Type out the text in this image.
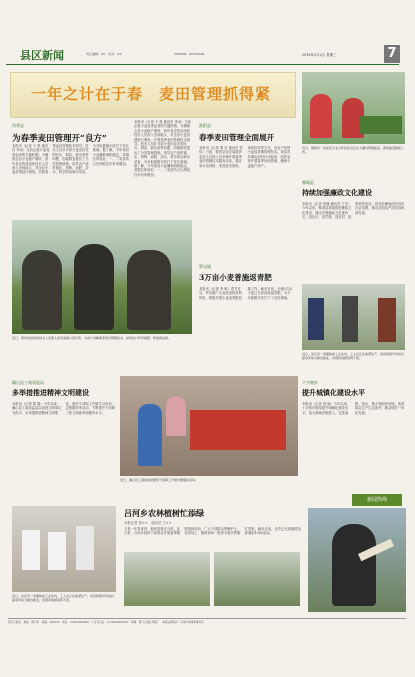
县区新闻	责任编辑：XX　校对：XX	XINWEN · ZHOUKAN	2016年3月2日 星期三	7
一年之计在于春　麦田管理抓得紧
西华县
为春季麦田管理开“良方”
本报讯（记者 于 燕 通讯员 李冰）当前正值小麦返青起身的关键时期，为确保全县小麦稳产增收，西华县农牧局组织技术人员深入田间地头，对全县小麦苗情进行调查，开展春季麦田管理技术指导。技术人员针对部分麦田存在的旺长、弱苗、病虫害等问题，因地制宜提出了分类管理措施，指导农户适时镇压、划锋、追肥、浇水，科学防治病虫草害，为夺取夏粮丰收打下坚实基础。据了解，今年该县小麦播种面积稳定，苗情总体较好，一、二类苗所占比例较往年有所增加。
本报讯（记者 于 燕 通讯员 李冰）当前正值小麦返青起身的关键时期，为确保全县小麦稳产增收，西华县农牧局组织技术人员深入田间地头，对全县小麦苗情进行调查，开展春季麦田管理技术指导。技术人员针对部分麦田存在的旺长、弱苗、病虫害等问题，因地制宜提出了分类管理措施，指导农户适时镇压、划锋、追肥、浇水，科学防治病虫草害，为夺取夏粮丰收打下坚实基础。据了解，今年该县小麦播种面积稳定，苗情总体较好，一、二类苗所占比例较往年有所增加。
近日，西华县农牧局技术人员深入麦田查看小麦长势，为农户讲解春季麦田管理技术，指导农户科学施肥、防治病虫害。
淮阳县
春季麦田管理全面展开
本报讯（记者 秦 亮 通讯员 张伟）日前，淮阳县农业局组织农技人员深入各乡镇开展春季麦田管理技术服务活动，通过举办培训班、发放技术资料、现场指导等方式，向农户传授小麦返青期管理技术。该县各乡镇也纷纷行动起来，组织农民开展春季田间管理，确保小麦稳产高产。
罗店镇
3万亩小麦普施返青肥
本报讯（记者 李 明）春节过后，罗店镇广大农民抢抓有利时机，积极开展小麦返青肥追施工作。截至目前，全镇3万亩小麦已全部追施返青肥，为今年夏粮丰收打下了良好基础。
近日，淮阳县一家农民专业合作社社员正在大棚内管理蔬菜，春季蔬菜陆续上市。
郸城县
持续加强廉政文化建设
本报讯（记者 张楠 通讯员 王芳）今年以来，郸城县持续推进廉政文化建设，通过开展廉政文化进机关、进社区、进学校、进农村、进家庭等活动，营造崇廉尚洁的良好社会氛围，推动全面从严治党向纵深发展。
近日，沈丘县一家服装加工企业内，工人们正在加紧生产。该县积极引导农村富余劳动力就近就业，实现挣钱顾家两不误。
十字路乡
提升城镇化建设水平
本报讯（记者 周 丽）今年以来，十字路乡围绕提升城镇化建设水平，加大基础设施投入，完善道路、供水、排水等配套设施，改善群众生产生活条件，推动城乡一体化发展。
新闻热线
确山县工商质监局
多举措推进精神文明建设
本报讯（记者 陈 磊）今年以来，确山县工商质监局以创建文明单位为抓手，多举措推进精神文明建设，组织干部职工开展学习培训、志愿服务等活动，不断提升干部职工的文明素养和服务水平。
近日，确山县工商质监局组织干部职工开展志愿服务活动。
近日，沈丘县一家服装加工企业内，工人们正在加紧生产。该县积极引导农村富余劳动力就近就业，实现挣钱顾家两不误。
吕河乡农林植树忙添绿
本报记者 张××　通讯员 王××
又是一年春来到，植树造林正当时。连日来，吕河乡组织干部群众开展春季植树造林活动，广大干部群众挥锹铲土、扶苗培土，植树现场一派热火朝天的繁忙景象。截至目前，全乡已完成植树造林面积1000余亩。
周口日报社　地址：周口市　邮编：466000　电话：0394-8599999　广告许可证：4116004000003　印刷：周口日报社印刷厂　本报法律顾问：河南中豫律师事务所
